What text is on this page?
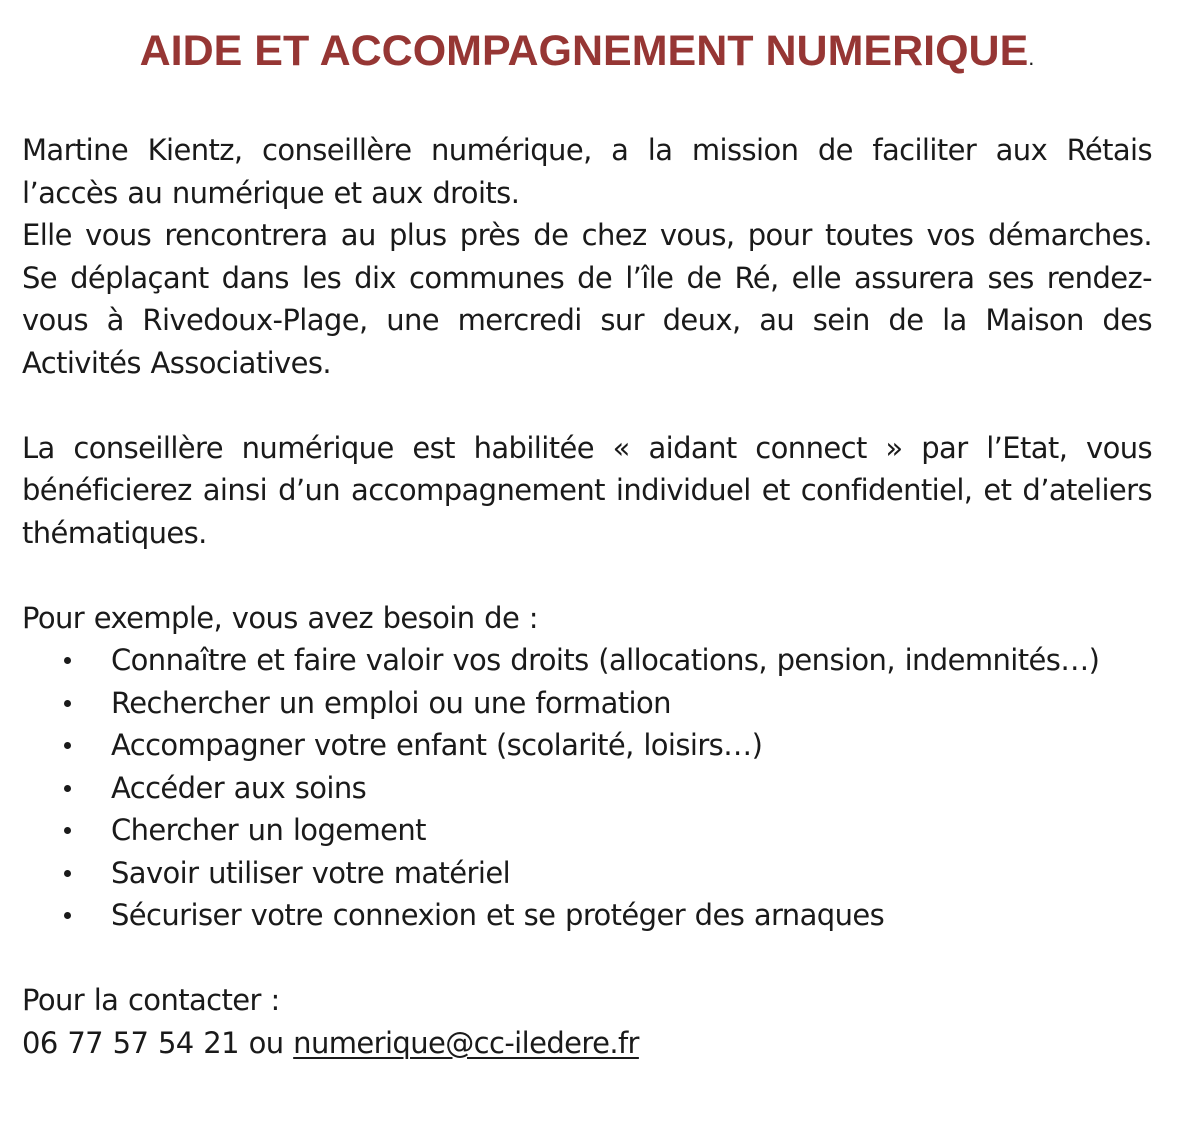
AIDE ET ACCOMPAGNEMENT NUMERIQUE.

Martine Kientz, conseillère numérique, a la mission de faciliter aux Rétais l’accès au numérique et aux droits.

Elle vous rencontrera au plus près de chez vous, pour toutes vos démarches. Se déplaçant dans les dix communes de l’île de Ré, elle assurera ses rendez-vous à Rivedoux-Plage, une mercredi sur deux, au sein de la Maison des Activités Associatives.

La conseillère numérique est habilitée « aidant connect » par l’Etat, vous bénéficierez ainsi d’un accompagnement individuel et confidentiel, et d’ateliers thématiques.

Pour exemple, vous avez besoin de :

Connaître et faire valoir vos droits (allocations, pension, indemnités…)
Rechercher un emploi ou une formation
Accompagner votre enfant (scolarité, loisirs…)
Accéder aux soins
Chercher un logement
Savoir utiliser votre matériel
Sécuriser votre connexion et se protéger des arnaques

Pour la contacter :

06 77 57 54 21 ou numerique@cc-iledere.fr
